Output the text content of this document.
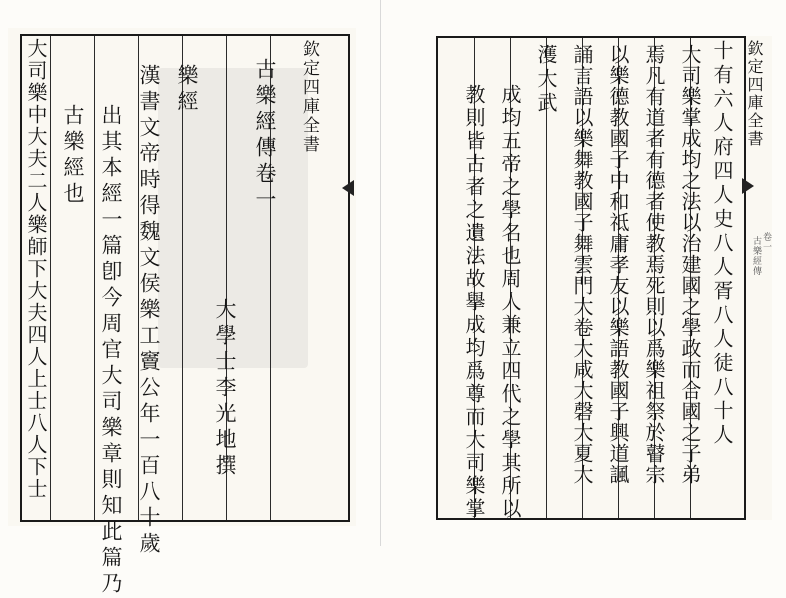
欽定四庫全書
古樂經傳卷一
大學士李光地撰
樂經
漢書文帝時得魏文侯樂工竇公年一百八十歲
出其本經一篇卽今周官大司樂章則知此篇乃
古樂經也
大司樂中大夫二人樂師下大夫四人上士八人下士	欽定四庫全書
古樂經傳 卷一
十有六人府四人史八人胥八人徒八十人
大司樂掌成均之法以治建國之學政而合國之子弟
焉凡有道者有德者使教焉死則以爲樂祖祭於瞽宗
以樂德教國子中和祗庸孝友以樂語教國子興道諷
誦言語以樂舞教國子舞雲門大卷大咸大磬大夏大
濩大武
成均五帝之學名也周人兼立四代之學其所以
教則皆古者之遺法故擧成均爲尊而大司樂掌
